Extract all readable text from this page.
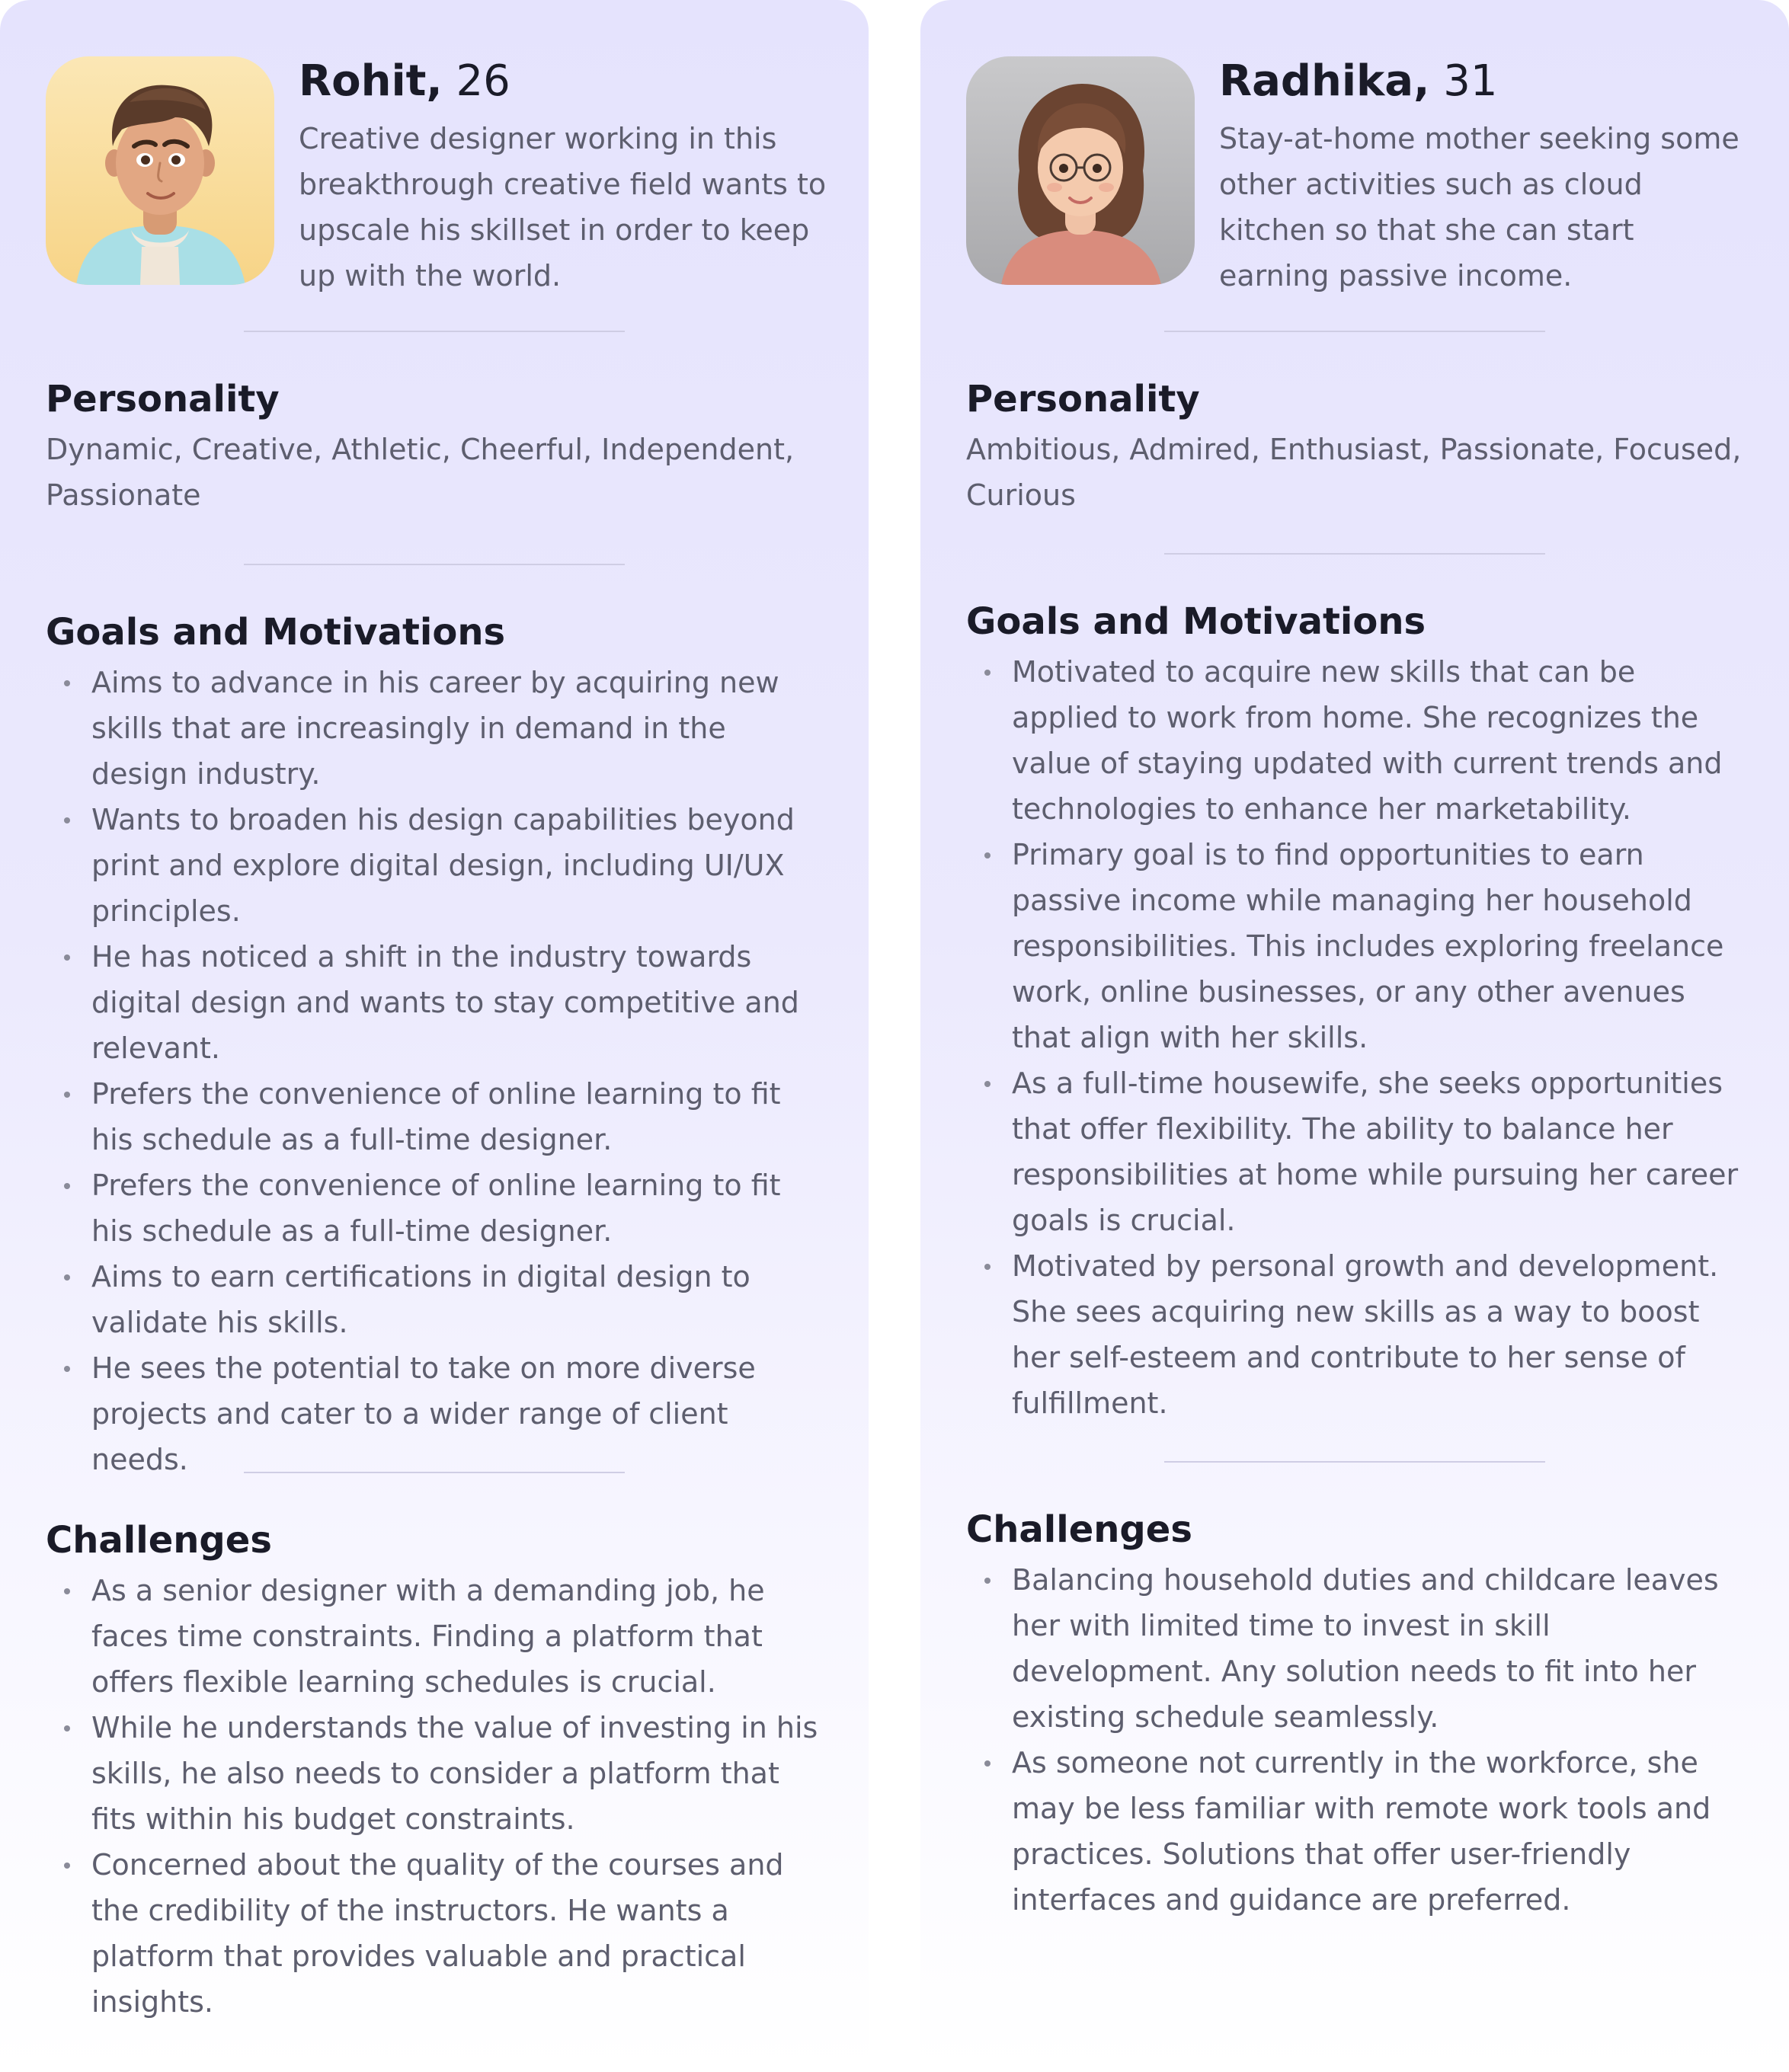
Rohit, 26

Creative designer working in this breakthrough creative field wants to upscale his skillset in order to keep up with the world.

Personality

Dynamic, Creative, Athletic, Cheerful, Independent, Passionate

Goals and Motivations
Aims to advance in his career by acquiring new skills that are increasingly in demand in the design industry.
Wants to broaden his design capabilities beyond print and explore digital design, including UI/UX principles.
He has noticed a shift in the industry towards digital design and wants to stay competitive and relevant.
Prefers the convenience of online learning to fit his schedule as a full-time designer.
Prefers the convenience of online learning to fit his schedule as a full-time designer.
Aims to earn certifications in digital design to validate his skills.
He sees the potential to take on more diverse projects and cater to a wider range of client needs.
Challenges
As a senior designer with a demanding job, he faces time constraints. Finding a platform that offers flexible learning schedules is crucial.
While he understands the value of investing in his skills, he also needs to consider a platform that fits within his budget constraints.
Concerned about the quality of the courses and the credibility of the instructors. He wants a platform that provides valuable and practical insights.
Radhika, 31

Stay-at-home mother seeking some other activities such as cloud kitchen so that she can start earning passive income.

Personality

Ambitious, Admired, Enthusiast, Passionate, Focused, Curious

Goals and Motivations
Motivated to acquire new skills that can be applied to work from home. She recognizes the value of staying updated with current trends and technologies to enhance her marketability.
Primary goal is to find opportunities to earn passive income while managing her household responsibilities. This includes exploring freelance work, online businesses, or any other avenues that align with her skills.
As a full-time housewife, she seeks opportunities that offer flexibility. The ability to balance her responsibilities at home while pursuing her career goals is crucial.
Motivated by personal growth and development. She sees acquiring new skills as a way to boost her self-esteem and contribute to her sense of fulfillment.
Challenges
Balancing household duties and childcare leaves her with limited time to invest in skill development. Any solution needs to fit into her existing schedule seamlessly.
As someone not currently in the workforce, she may be less familiar with remote work tools and practices. Solutions that offer user-friendly interfaces and guidance are preferred.
